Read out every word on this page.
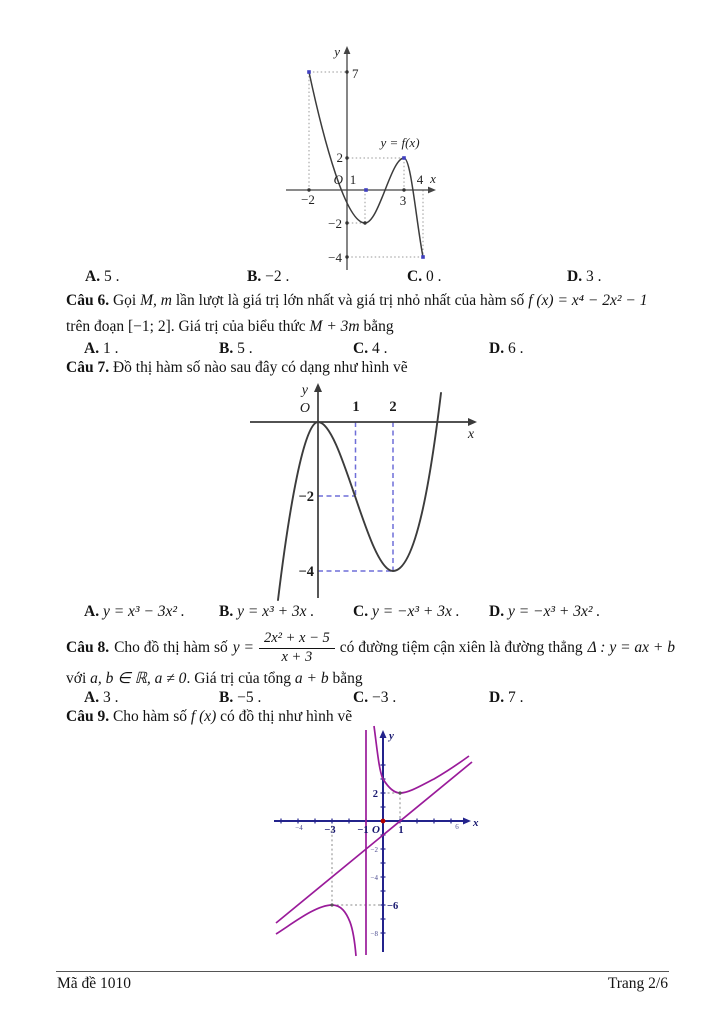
y
x
7
2
O 1
−2
−4
−2	3
4
y = f(x)
A. 5 .	B. −2 .	C. 0 .	D. 3 .
Câu 6. Gọi M, m lần lượt là giá trị lớn nhất và giá trị nhỏ nhất của hàm số f (x) = x⁴ − 2x² − 1
trên đoạn [−1; 2]. Giá trị của biểu thức M + 3m bằng
A. 1 .	B. 5 .	C. 4 .	D. 6 .
Câu 7. Đồ thị hàm số nào sau đây có dạng như hình vẽ
y
x
O	1 2
−2
−4
A. y = x³ − 3x² . B. y = x³ + 3x . C. y = −x³ + 3x . D. y = −x³ + 3x² .
Câu 8. Cho đồ thị hàm số $y = \frac{\text{2x² + x − 5}}{x + 3}$ có đường tiệm cận xiên là đường thẳng Δ : y = ax + b
với a, b ∈ ℝ, a ≠ 0. Giá trị của tổng a + b bằng
A. 3 .	B. −5 .	C. −3 .	D. 7 .
Câu 9. Cho hàm số f (x) có đồ thị như hình vẽ
y
x
O 1
−1
−3
2
−6
−4	6
−2
−4
−8
Mã đề 1010	Trang 2/6
